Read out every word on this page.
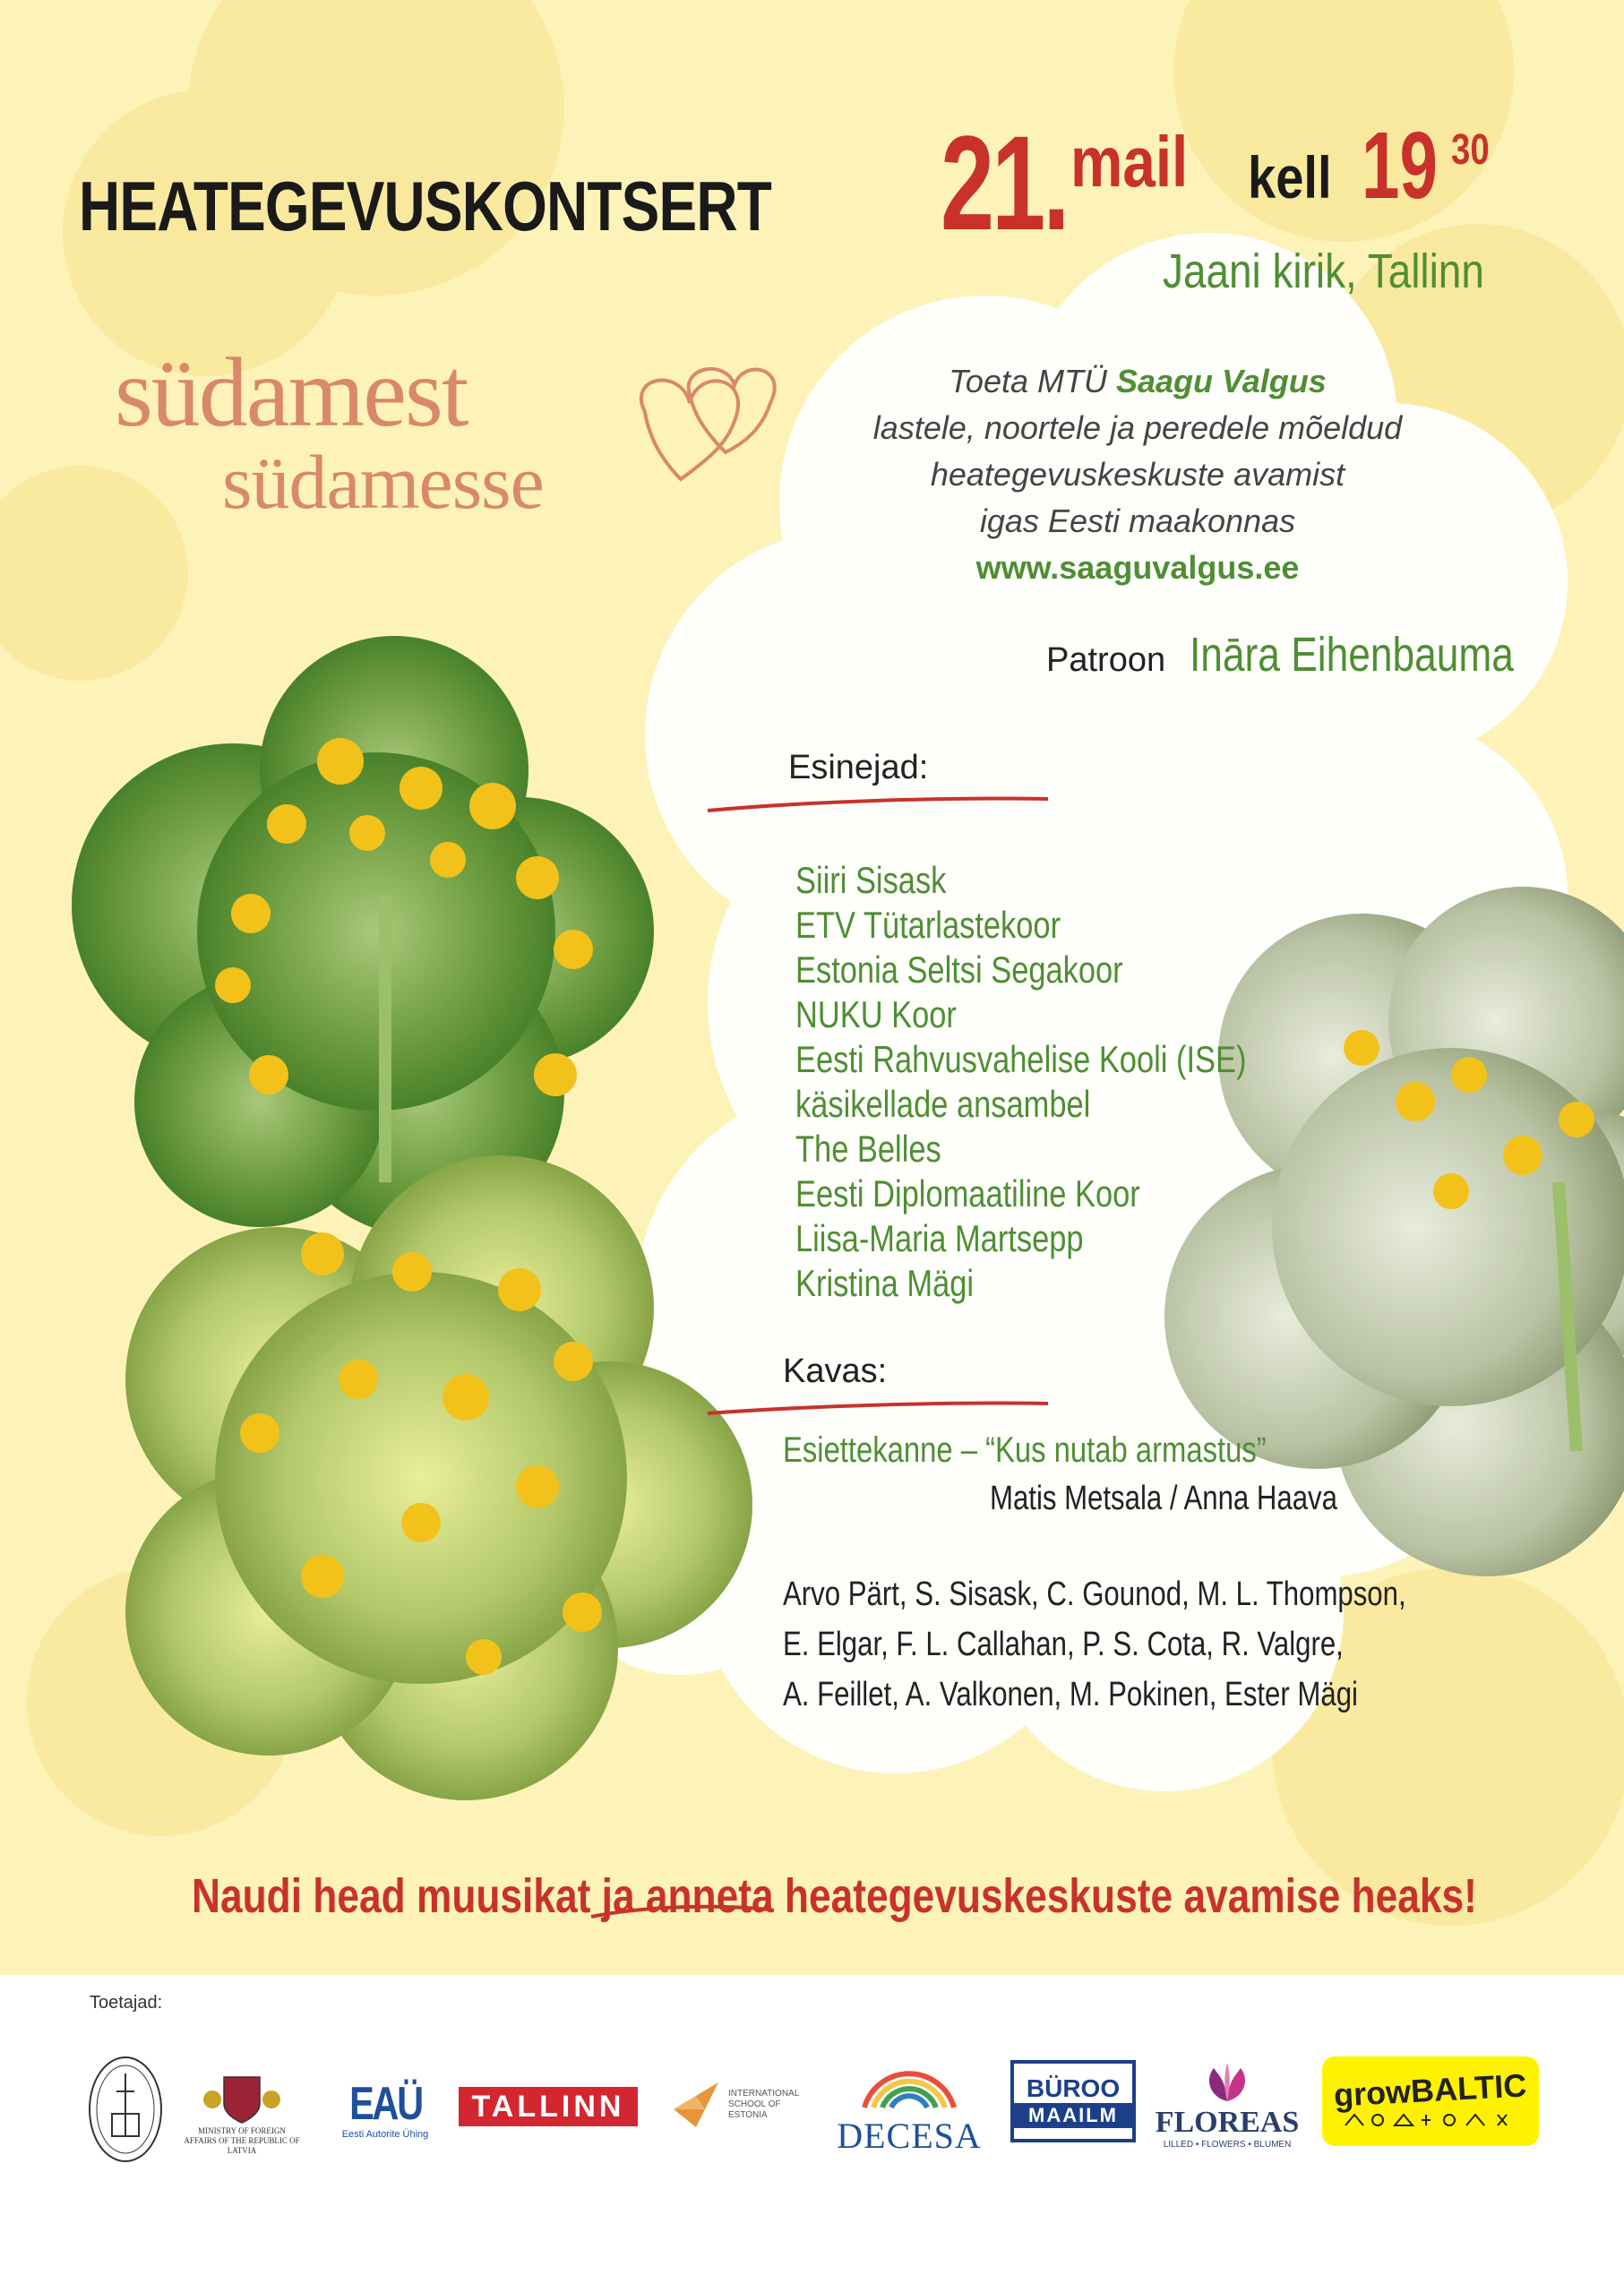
HEATEGEVUSKONTSERT 21. mail kell 19 30
Jaani kirik, Tallinn
südamest
südamesse
Toeta MTÜ Saagu Valgus
lastele, noortele ja peredele mõeldud
heategevuskeskuste avamist
igas Eesti maakonnas
www.saaguvalgus.ee
Patroon Ināra Eihenbauma
Esinejad:
Siiri Sisask
ETV Tütarlastekoor
Estonia Seltsi Segakoor
NUKU Koor
Eesti Rahvusvahelise Kooli (ISE)
käsikellade ansambel
The Belles
Eesti Diplomaatiline Koor
Liisa-Maria Martsepp
Kristina Mägi
Kavas:
Esiettekanne – “Kus nutab armastus”
Matis Metsala / Anna Haava
Arvo Pärt, S. Sisask, C. Gounod, M. L. Thompson,
E. Elgar, F. L. Callahan, P. S. Cota, R. Valgre,
A. Feillet, A. Valkonen, M. Pokinen, Ester Mägi
Naudi head muusikat ja anneta heategevuskeskuste avamise heaks!
Toetajad:
MINISTRY OF FOREIGN AFFAIRS OF THE REPUBLIC OF LATVIA
EAÜ
Eesti Autorite Ühing
TALLINN	INTERNATIONAL SCHOOL OF ESTONIA
DECESA
BÜROO
MAAILM	FLOREAS
LILLED • FLOWERS • BLUMEN
growBALTIC
